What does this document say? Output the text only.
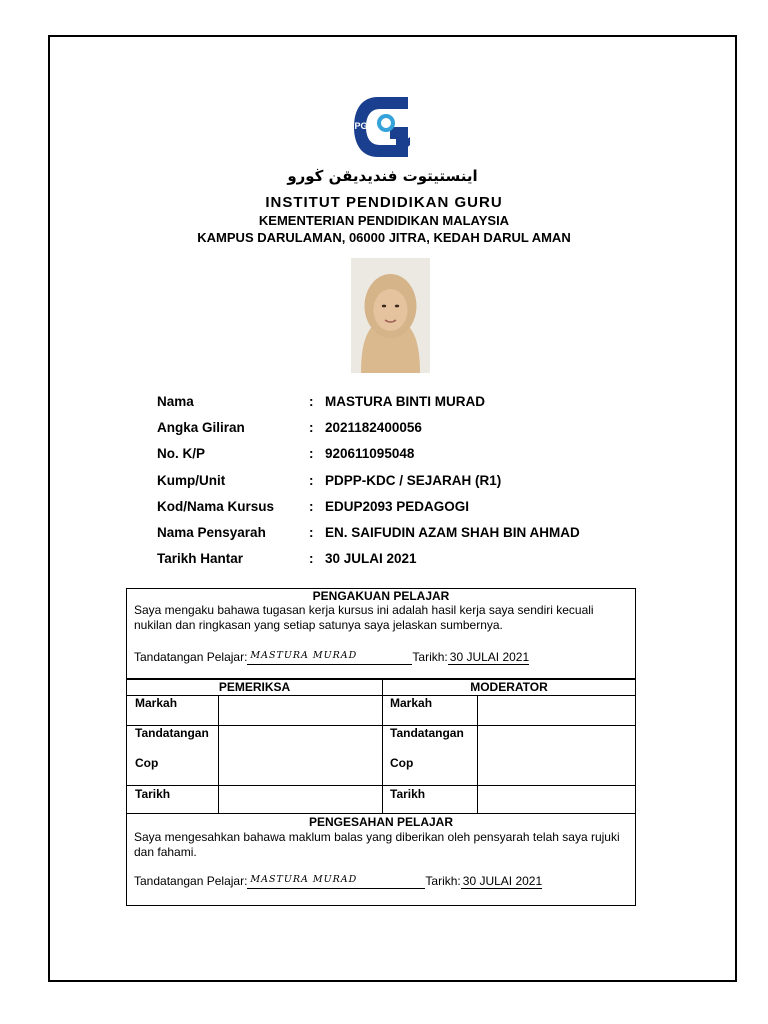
IPG
اينستيتوت فنديديقن ڬورو
INSTITUT PENDIDIKAN GURU
KEMENTERIAN PENDIDIKAN MALAYSIA
KAMPUS DARULAMAN, 06000 JITRA, KEDAH DARUL AMAN
Nama	: MASTURA BINTI MURAD
Angka Giliran	: 2021182400056
No. K/P	: 920611095048
Kump/Unit	: PDPP-KDC / SEJARAH (R1)
Kod/Nama Kursus	: EDUP2093 PEDAGOGI
Nama Pensyarah	: EN. SAIFUDIN AZAM SHAH BIN AHMAD
Tarikh Hantar	: 30 JULAI 2021
PENGAKUAN PELAJAR
Saya mengaku bahawa tugasan kerja kursus ini adalah hasil kerja saya sendiri kecuali nukilan dan ringkasan yang setiap satunya saya jelaskan sumbernya.
Tandatangan Pelajar: MASTURA MURAD	Tarikh: 30 JULAI 2021
PEMERIKSA	MODERATOR
Markah	Markah
Tandatangan	Tandatangan
Cop	Cop
Tarikh	Tarikh
PENGESAHAN PELAJAR
Saya mengesahkan bahawa maklum balas yang diberikan oleh pensyarah telah saya rujuki dan fahami.
Tandatangan Pelajar: MASTURA MURAD	Tarikh: 30 JULAI 2021
